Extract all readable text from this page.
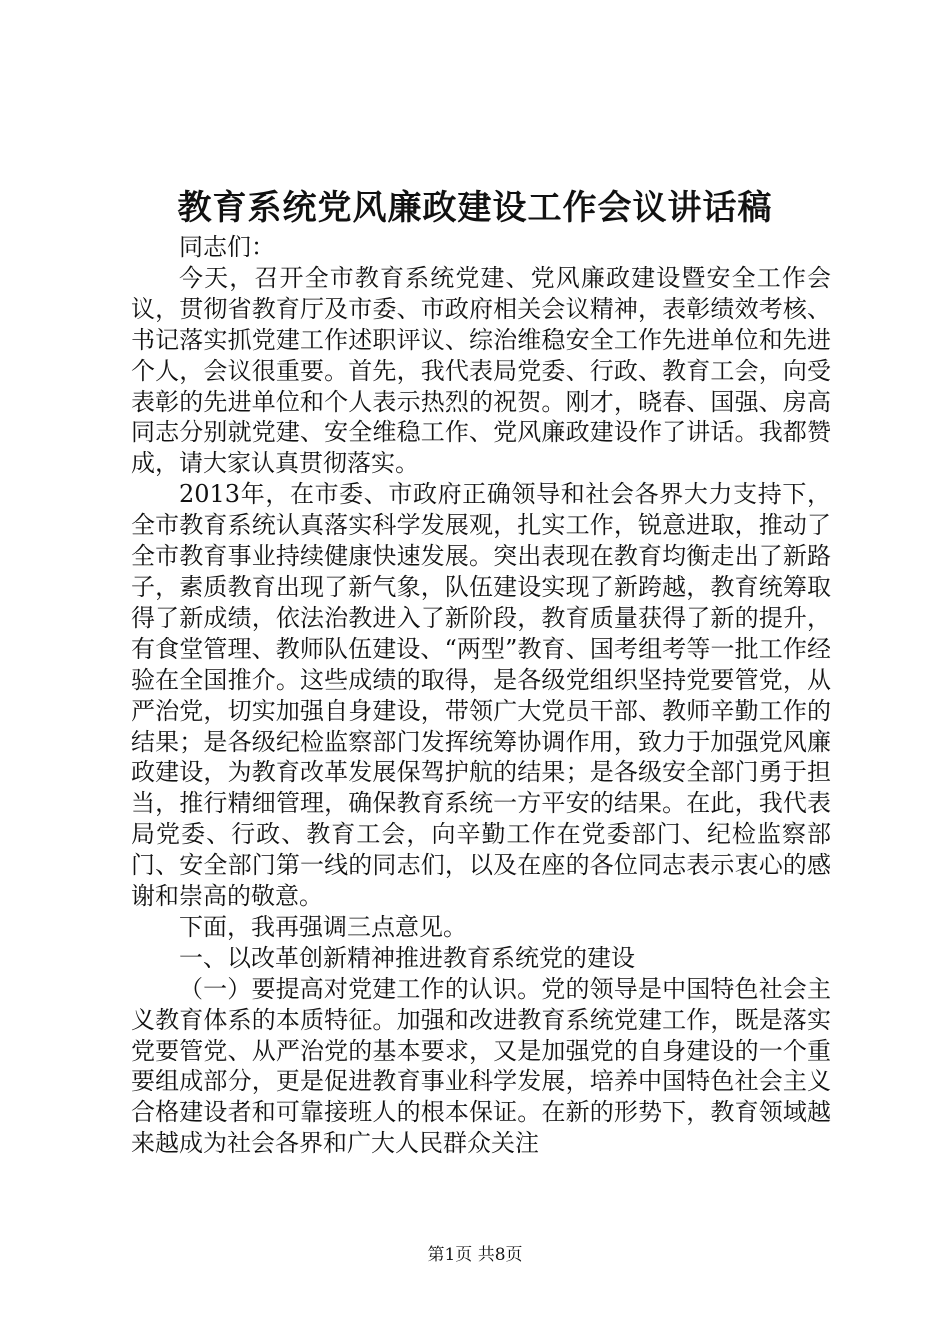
教育系统党风廉政建设工作会议讲话稿

同志们：

今天，召开全市教育系统党建、党风廉政建设暨安全工作会议，贯彻省教育厅及市委、市政府相关会议精神，表彰绩效考核、书记落实抓党建工作述职评议、综治维稳安全工作先进单位和先进个人，会议很重要。首先，我代表局党委、行政、教育工会，向受表彰的先进单位和个人表示热烈的祝贺。刚才，晓春、国强、房高同志分别就党建、安全维稳工作、党风廉政建设作了讲话。我都赞成，请大家认真贯彻落实。

2013年，在市委、市政府正确领导和社会各界大力支持下，全市教育系统认真落实科学发展观，扎实工作，锐意进取，推动了全市教育事业持续健康快速发展。突出表现在教育均衡走出了新路子，素质教育出现了新气象，队伍建设实现了新跨越，教育统筹取得了新成绩，依法治教进入了新阶段，教育质量获得了新的提升，有食堂管理、教师队伍建设、“两型”教育、国考组考等一批工作经验在全国推介。这些成绩的取得，是各级党组织坚持党要管党，从严治党，切实加强自身建设，带领广大党员干部、教师辛勤工作的结果；是各级纪检监察部门发挥统筹协调作用，致力于加强党风廉政建设，为教育改革发展保驾护航的结果；是各级安全部门勇于担当，推行精细管理，确保教育系统一方平安的结果。在此，我代表局党委、行政、教育工会，向辛勤工作在党委部门、纪检监察部门、安全部门第一线的同志们，以及在座的各位同志表示衷心的感谢和崇高的敬意。

下面，我再强调三点意见。

一、以改革创新精神推进教育系统党的建设

（一）要提高对党建工作的认识。党的领导是中国特色社会主义教育体系的本质特征。加强和改进教育系统党建工作，既是落实党要管党、从严治党的基本要求，又是加强党的自身建设的一个重要组成部分，更是促进教育事业科学发展，培养中国特色社会主义合格建设者和可靠接班人的根本保证。在新的形势下，教育领域越来越成为社会各界和广大人民群众关注

第1页 共8页
